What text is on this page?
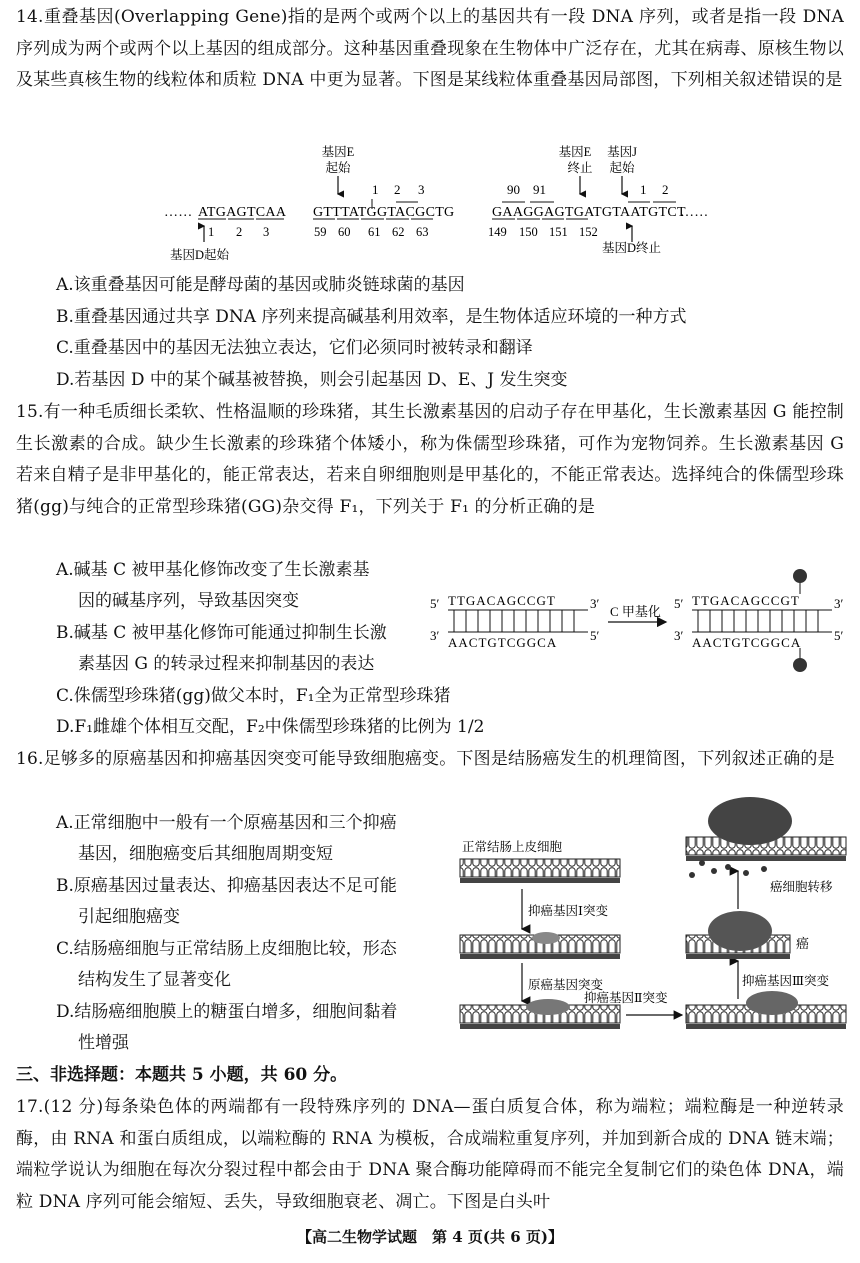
14.重叠基因(Overlapping Gene)指的是两个或两个以上的基因共有一段 DNA 序列，或者是指一段 DNA 序列成为两个或两个以上基因的组成部分。这种基因重叠现象在生物体中广泛存在，尤其在病毒、原核生物以及某些真核生物的线粒体和质粒 DNA 中更为显著。下图是某线粒体重叠基因局部图，下列相关叙述错误的是
基因E
起始
基因E
终止
基因J
起始
1 2 3	90 91	1 2
…… ATGAGTCAA GTTTATGGTACGCTG	GAAGGAGTGATGTAATGTCT
……
1 2 3	59 60 61 62 63	149 150 151 152
基因D起始	基因D终止
A.该重叠基因可能是酵母菌的基因或肺炎链球菌的基因
B.重叠基因通过共享 DNA 序列来提高碱基利用效率，是生物体适应环境的一种方式
C.重叠基因中的基因无法独立表达，它们必须同时被转录和翻译
D.若基因 D 中的某个碱基被替换，则会引起基因 D、E、J 发生突变
15.有一种毛质细长柔软、性格温顺的珍珠猪，其生长激素基因的启动子存在甲基化，生长激素基因 G 能控制生长激素的合成。缺少生长激素的珍珠猪个体矮小，称为侏儒型珍珠猪，可作为宠物饲养。生长激素基因 G 若来自精子是非甲基化的，能正常表达，若来自卵细胞则是甲基化的，不能正常表达。选择纯合的侏儒型珍珠猪(gg)与纯合的正常型珍珠猪(GG)杂交得 F₁，下列关于 F₁ 的分析正确的是
A.碱基 C 被甲基化修饰改变了生长激素基
因的碱基序列，导致基因突变
B.碱基 C 被甲基化修饰可能通过抑制生长激
素基因 G 的转录过程来抑制基因的表达
C.侏儒型珍珠猪(gg)做父本时，F₁全为正常型珍珠猪
D.F₁雌雄个体相互交配，F₂中侏儒型珍珠猪的比例为 1/2
5′	3′
3′	5′
5′	3′
3′	5′
TTGACAGCCGT
AACTGTCGGCA
TTGACAGCCGT
AACTGTCGGCA
C 甲基化
16.足够多的原癌基因和抑癌基因突变可能导致细胞癌变。下图是结肠癌发生的机理简图，下列叙述正确的是
A.正常细胞中一般有一个原癌基因和三个抑癌
基因，细胞癌变后其细胞周期变短
B.原癌基因过量表达、抑癌基因表达不足可能
引起细胞癌变
C.结肠癌细胞与正常结肠上皮细胞比较，形态
结构发生了显著变化
D.结肠癌细胞膜上的糖蛋白增多，细胞间黏着
性增强
正常结肠上皮细胞
抑癌基因Ⅰ突变
原癌基因突变
抑癌基因Ⅱ突变
抑癌基因Ⅲ突变
癌
癌细胞转移
三、非选择题：本题共 5 小题，共 60 分。
17.(12 分)每条染色体的两端都有一段特殊序列的 DNA—蛋白质复合体，称为端粒；端粒酶是一种逆转录酶，由 RNA 和蛋白质组成，以端粒酶的 RNA 为模板，合成端粒重复序列，并加到新合成的 DNA 链末端；端粒学说认为细胞在每次分裂过程中都会由于 DNA 聚合酶功能障碍而不能完全复制它们的染色体 DNA，端粒 DNA 序列可能会缩短、丢失，导致细胞衰老、凋亡。下图是白头叶
【高二生物学试题　第 4 页(共 6 页)】
